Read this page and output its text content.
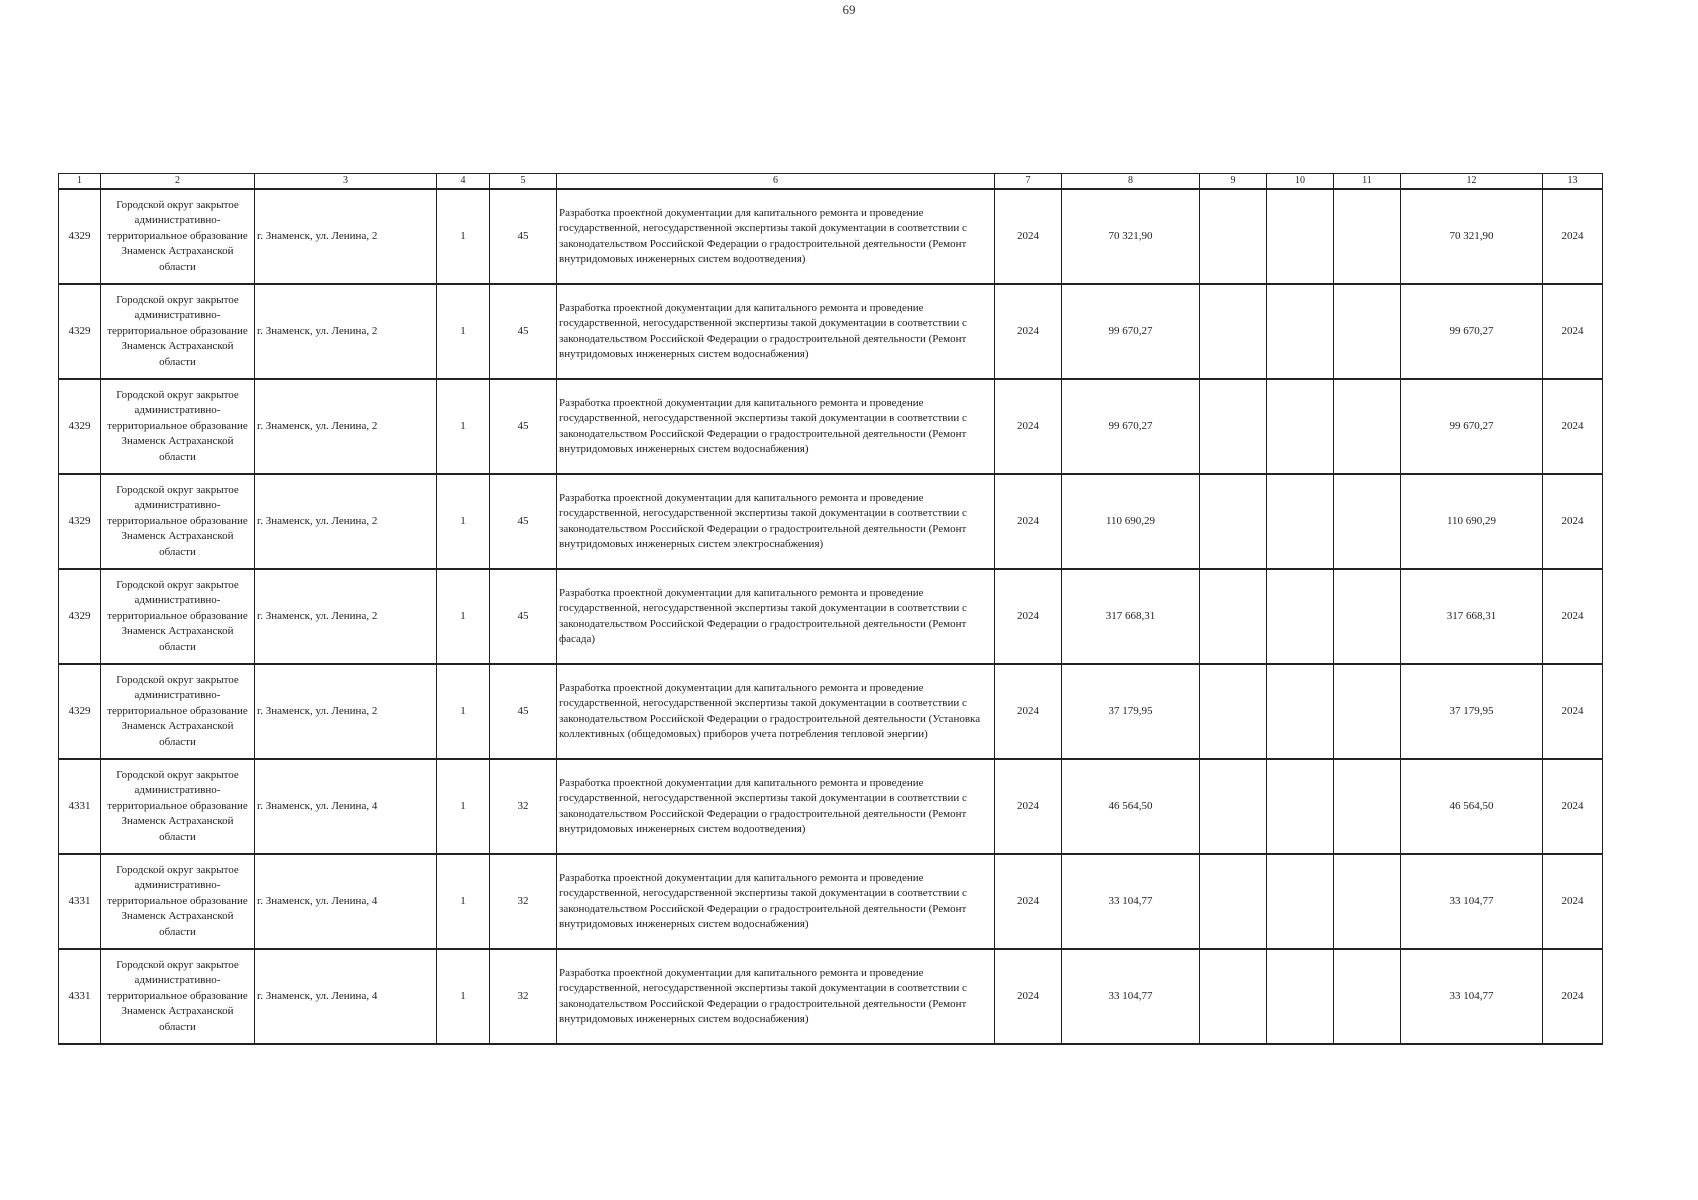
69
1	2	3	4	5	6	7	8	9	10	11	12	13
4329	Городской округ закрытое административно-территориальное образование Знаменск Астраханской области	г. Знаменск, ул. Ленина, 2	1	45	Разработка проектной документации для капитального ремонта и проведение государственной, негосударственной экспертизы такой документации в соответствии с законодательством Российской Федерации о градостроительной деятельности (Ремонт внутридомовых инженерных систем водоотведения)	2024	70 321,90				70 321,90	2024
4329	Городской округ закрытое административно-территориальное образование Знаменск Астраханской области	г. Знаменск, ул. Ленина, 2	1	45	Разработка проектной документации для капитального ремонта и проведение государственной, негосударственной экспертизы такой документации в соответствии с законодательством Российской Федерации о градостроительной деятельности (Ремонт внутридомовых инженерных систем водоснабжения)	2024	99 670,27				99 670,27	2024
4329	Городской округ закрытое административно-территориальное образование Знаменск Астраханской области	г. Знаменск, ул. Ленина, 2	1	45	Разработка проектной документации для капитального ремонта и проведение государственной, негосударственной экспертизы такой документации в соответствии с законодательством Российской Федерации о градостроительной деятельности (Ремонт внутридомовых инженерных систем водоснабжения)	2024	99 670,27				99 670,27	2024
4329	Городской округ закрытое административно-территориальное образование Знаменск Астраханской области	г. Знаменск, ул. Ленина, 2	1	45	Разработка проектной документации для капитального ремонта и проведение государственной, негосударственной экспертизы такой документации в соответствии с законодательством Российской Федерации о градостроительной деятельности (Ремонт внутридомовых инженерных систем электроснабжения)	2024	110 690,29				110 690,29	2024
4329	Городской округ закрытое административно-территориальное образование Знаменск Астраханской области	г. Знаменск, ул. Ленина, 2	1	45	Разработка проектной документации для капитального ремонта и проведение государственной, негосударственной экспертизы такой документации в соответствии с законодательством Российской Федерации о градостроительной деятельности (Ремонт фасада)	2024	317 668,31				317 668,31	2024
4329	Городской округ закрытое административно-территориальное образование Знаменск Астраханской области	г. Знаменск, ул. Ленина, 2	1	45	Разработка проектной документации для капитального ремонта и проведение государственной, негосударственной экспертизы такой документации в соответствии с законодательством Российской Федерации о градостроительной деятельности (Установка коллективных (общедомовых) приборов учета потребления тепловой энергии)	2024	37 179,95				37 179,95	2024
4331	Городской округ закрытое административно-территориальное образование Знаменск Астраханской области	г. Знаменск, ул. Ленина, 4	1	32	Разработка проектной документации для капитального ремонта и проведение государственной, негосударственной экспертизы такой документации в соответствии с законодательством Российской Федерации о градостроительной деятельности (Ремонт внутридомовых инженерных систем водоотведения)	2024	46 564,50				46 564,50	2024
4331	Городской округ закрытое административно-территориальное образование Знаменск Астраханской области	г. Знаменск, ул. Ленина, 4	1	32	Разработка проектной документации для капитального ремонта и проведение государственной, негосударственной экспертизы такой документации в соответствии с законодательством Российской Федерации о градостроительной деятельности (Ремонт внутридомовых инженерных систем водоснабжения)	2024	33 104,77				33 104,77	2024
4331	Городской округ закрытое административно-территориальное образование Знаменск Астраханской области	г. Знаменск, ул. Ленина, 4	1	32	Разработка проектной документации для капитального ремонта и проведение государственной, негосударственной экспертизы такой документации в соответствии с законодательством Российской Федерации о градостроительной деятельности (Ремонт внутридомовых инженерных систем водоснабжения)	2024	33 104,77				33 104,77	2024
